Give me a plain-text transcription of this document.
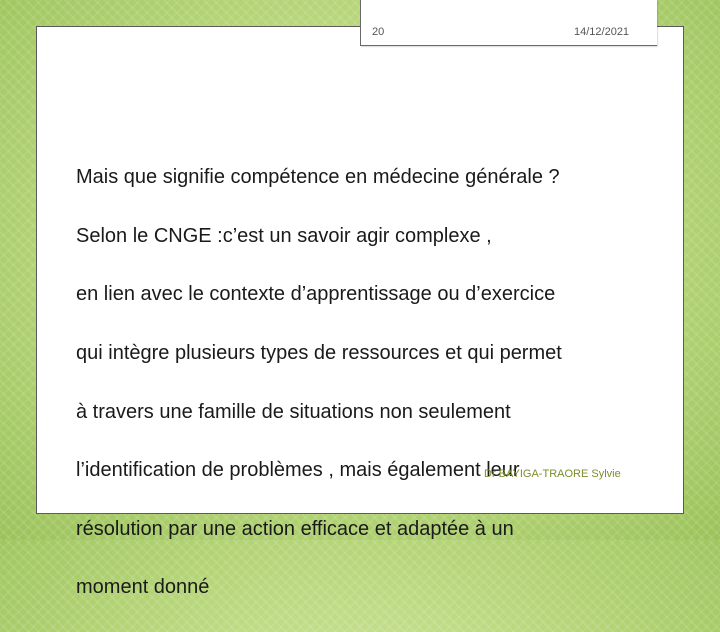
20	14/12/2021

Mais que signifie compétence en médecine générale ?

Selon le CNGE :c’est un savoir agir complexe ,

en lien avec le contexte d’apprentissage ou d’exercice

qui intègre plusieurs types de ressources et qui permet

à travers une famille de situations non seulement

l’identification de problèmes , mais également leur

résolution par une action efficace et adaptée à un

moment donné

Dr BAYIGA-TRAORE Sylvie
